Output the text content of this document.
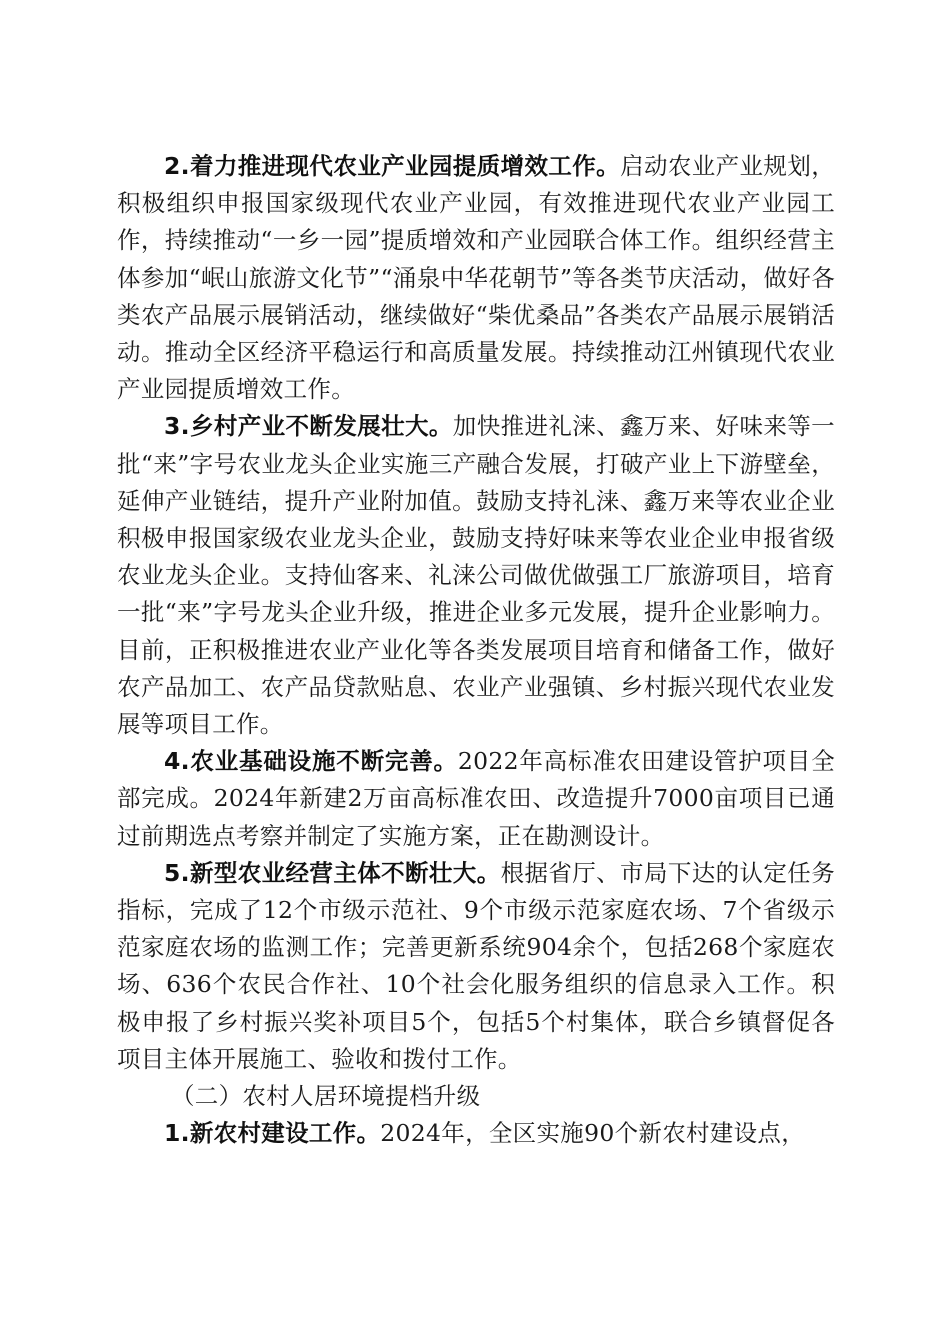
2.着力推进现代农业产业园提质增效工作。启动农业产业规划，积极组织申报国家级现代农业产业园，有效推进现代农业产业园工作，持续推动“一乡一园”提质增效和产业园联合体工作。组织经营主体参加“岷山旅游文化节”“涌泉中华花朝节”等各类节庆活动，做好各类农产品展示展销活动，继续做好“柴优桑品”各类农产品展示展销活动。推动全区经济平稳运行和高质量发展。持续推动江州镇现代农业产业园提质增效工作。

3.乡村产业不断发展壮大。加快推进礼涞、鑫万来、好味来等一批“来”字号农业龙头企业实施三产融合发展，打破产业上下游壁垒，延伸产业链结，提升产业附加值。鼓励支持礼涞、鑫万来等农业企业积极申报国家级农业龙头企业，鼓励支持好味来等农业企业申报省级农业龙头企业。支持仙客来、礼涞公司做优做强工厂旅游项目，培育一批“来”字号龙头企业升级，推进企业多元发展，提升企业影响力。目前，正积极推进农业产业化等各类发展项目培育和储备工作，做好农产品加工、农产品贷款贴息、农业产业强镇、乡村振兴现代农业发展等项目工作。

4.农业基础设施不断完善。2022年高标准农田建设管护项目全部完成。2024年新建2万亩高标准农田、改造提升7000亩项目已通过前期选点考察并制定了实施方案，正在勘测设计。

5.新型农业经营主体不断壮大。根据省厅、市局下达的认定任务指标，完成了12个市级示范社、9个市级示范家庭农场、7个省级示范家庭农场的监测工作；完善更新系统904余个，包括268个家庭农场、636个农民合作社、10个社会化服务组织的信息录入工作。积极申报了乡村振兴奖补项目5个，包括5个村集体，联合乡镇督促各项目主体开展施工、验收和拨付工作。

（二）农村人居环境提档升级

1.新农村建设工作。2024年，全区实施90个新农村建设点，
